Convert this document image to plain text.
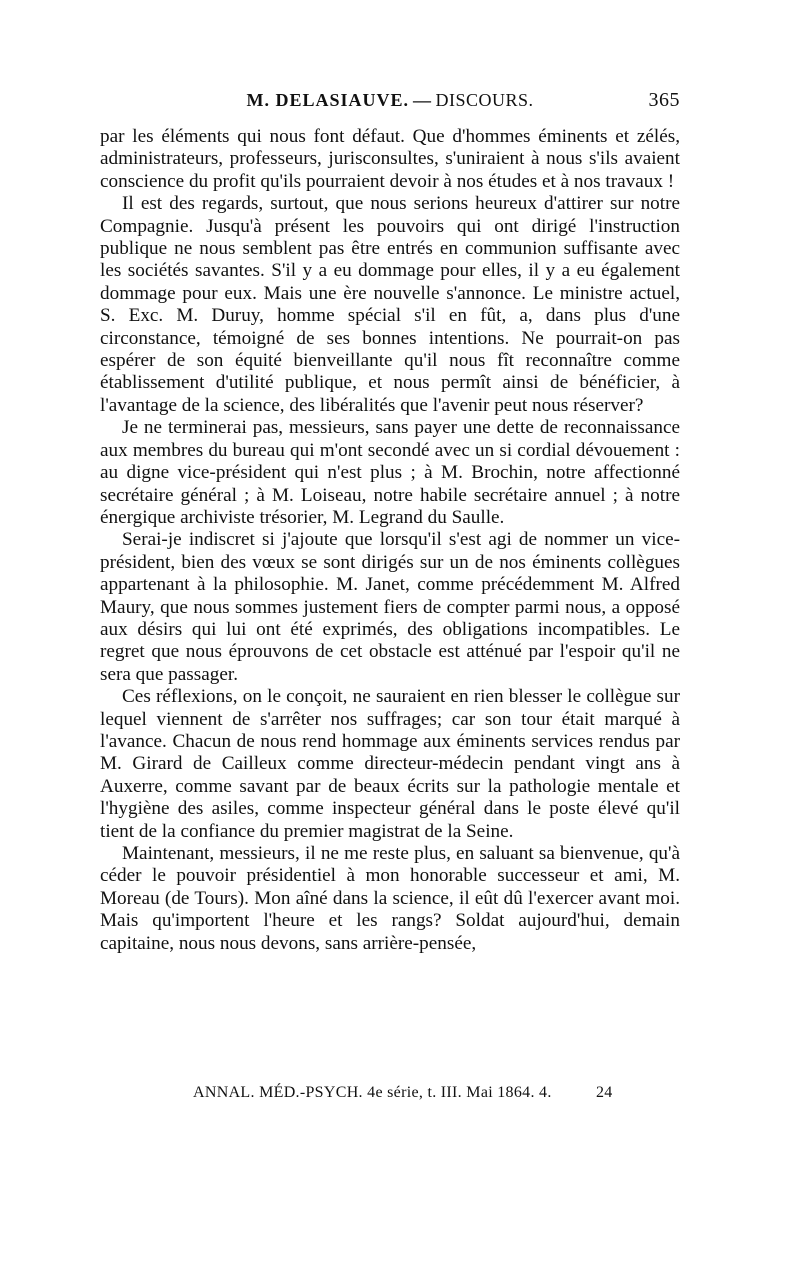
M. DELASIAUVE. — DISCOURS.	365

par les éléments qui nous font défaut. Que d'hommes éminents et zélés, administrateurs, professeurs, jurisconsultes, s'uniraient à nous s'ils avaient conscience du profit qu'ils pourraient devoir à nos études et à nos travaux !

Il est des regards, surtout, que nous serions heureux d'attirer sur notre Compagnie. Jusqu'à présent les pouvoirs qui ont dirigé l'instruction publique ne nous semblent pas être entrés en communion suffisante avec les sociétés savantes. S'il y a eu dommage pour elles, il y a eu également dommage pour eux. Mais une ère nouvelle s'annonce. Le ministre actuel, S. Exc. M. Duruy, homme spécial s'il en fût, a, dans plus d'une circonstance, témoigné de ses bonnes intentions. Ne pourrait-on pas espérer de son équité bienveillante qu'il nous fît reconnaître comme établissement d'utilité publique, et nous permît ainsi de bénéficier, à l'avantage de la science, des libéralités que l'avenir peut nous réserver?

Je ne terminerai pas, messieurs, sans payer une dette de reconnaissance aux membres du bureau qui m'ont secondé avec un si cordial dévouement : au digne vice-président qui n'est plus ; à M. Brochin, notre affectionné secrétaire général ; à M. Loiseau, notre habile secrétaire annuel ; à notre énergique archiviste trésorier, M. Legrand du Saulle.

Serai-je indiscret si j'ajoute que lorsqu'il s'est agi de nommer un vice-président, bien des vœux se sont dirigés sur un de nos éminents collègues appartenant à la philosophie. M. Janet, comme précédemment M. Alfred Maury, que nous sommes justement fiers de compter parmi nous, a opposé aux désirs qui lui ont été exprimés, des obligations incompatibles. Le regret que nous éprouvons de cet obstacle est atténué par l'espoir qu'il ne sera que passager.

Ces réflexions, on le conçoit, ne sauraient en rien blesser le collègue sur lequel viennent de s'arrêter nos suffrages; car son tour était marqué à l'avance. Chacun de nous rend hommage aux éminents services rendus par M. Girard de Cailleux comme directeur-médecin pendant vingt ans à Auxerre, comme savant par de beaux écrits sur la pathologie mentale et l'hygiène des asiles, comme inspecteur général dans le poste élevé qu'il tient de la confiance du premier magistrat de la Seine.

Maintenant, messieurs, il ne me reste plus, en saluant sa bienvenue, qu'à céder le pouvoir présidentiel à mon honorable successeur et ami, M. Moreau (de Tours). Mon aîné dans la science, il eût dû l'exercer avant moi. Mais qu'importent l'heure et les rangs? Soldat aujourd'hui, demain capitaine, nous nous devons, sans arrière-pensée,

ANNAL. MÉD.-PSYCH. 4e série, t. III. Mai 1864. 4.	24
